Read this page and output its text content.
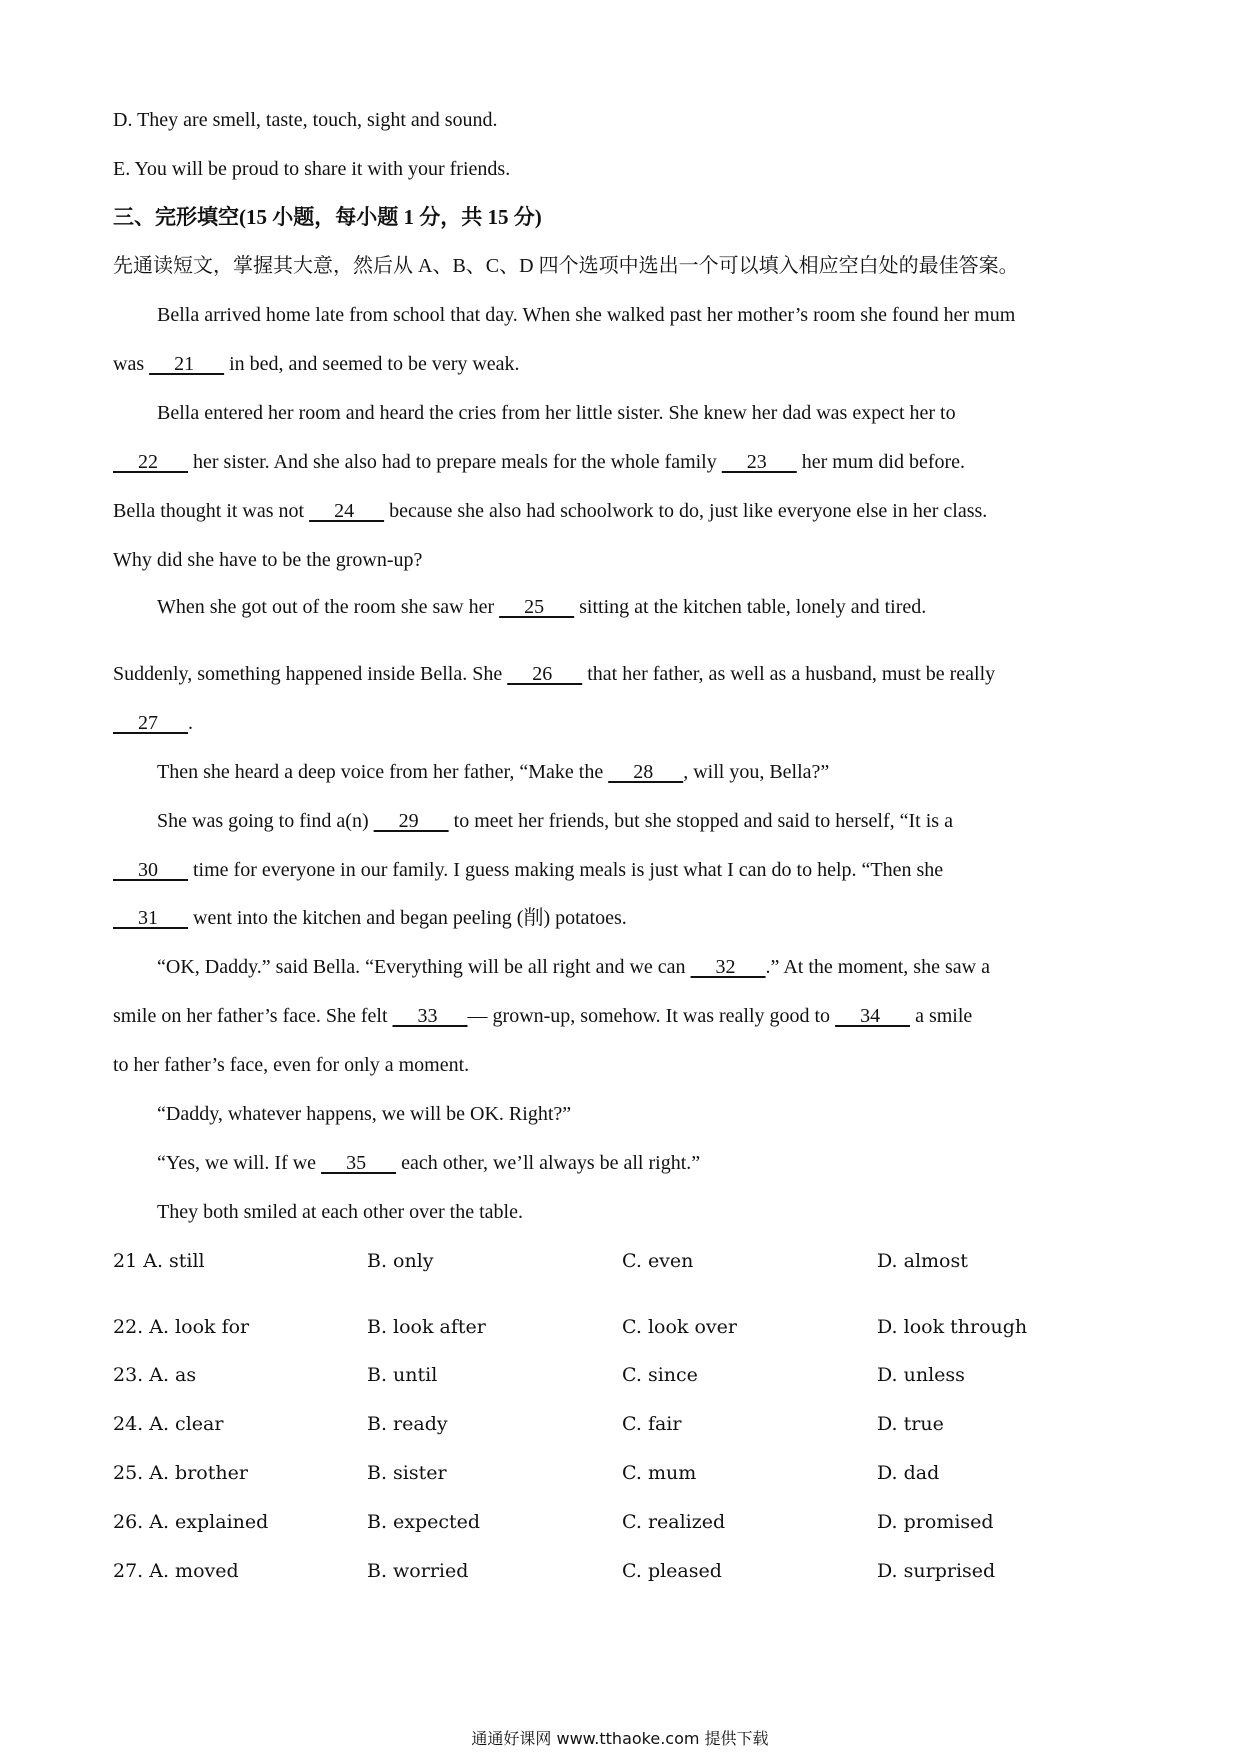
D. They are smell, taste, touch, sight and sound.
E. You will be proud to share it with your friends.
三、完形填空(15 小题，每小题 1 分，共 15 分)
先通读短文，掌握其大意，然后从 A、B、C、D 四个选项中选出一个可以填入相应空白处的最佳答案。
Bella arrived home late from school that day. When she walked past her mother’s room she found her mum
was      21       in bed, and seemed to be very weak.
Bella entered her room and heard the cries from her little sister. She knew her dad was expect her to
22       her sister. And she also had to prepare meals for the whole family      23       her mum did before.
Bella thought it was not      24       because she also had schoolwork to do, just like everyone else in her class.
Why did she have to be the grown-up?
When she got out of the room she saw her      25       sitting at the kitchen table, lonely and tired.
Suddenly, something happened inside Bella. She      26       that her father, as well as a husband, must be really
27      .
Then she heard a deep voice from her father, “Make the      28      , will you, Bella?”
She was going to find a(n)      29       to meet her friends, but she stopped and said to herself, “It is a
30       time for everyone in our family. I guess making meals is just what I can do to help. “Then she
31       went into the kitchen and began peeling (削) potatoes.
“OK, Daddy.” said Bella. “Everything will be all right and we can      32      .” At the moment, she saw a
smile on her father’s face. She felt      33      — grown-up, somehow. It was really good to      34       a smile
to her father’s face, even for only a moment.
“Daddy, whatever happens, we will be OK. Right?”
“Yes, we will. If we      35       each other, we’ll always be all right.”
They both smiled at each other over the table.
21 A. still	B. only	C. even	D. almost
22. A. look for	B. look after	C. look over	D. look through
23. A. as	B. until	C. since	D. unless
24. A. clear	B. ready	C. fair	D. true
25. A. brother	B. sister	C. mum	D. dad
26. A. explained	B. expected	C. realized	D. promised
27. A. moved	B. worried	C. pleased	D. surprised
通通好课网 www.tthaoke.com 提供下载
